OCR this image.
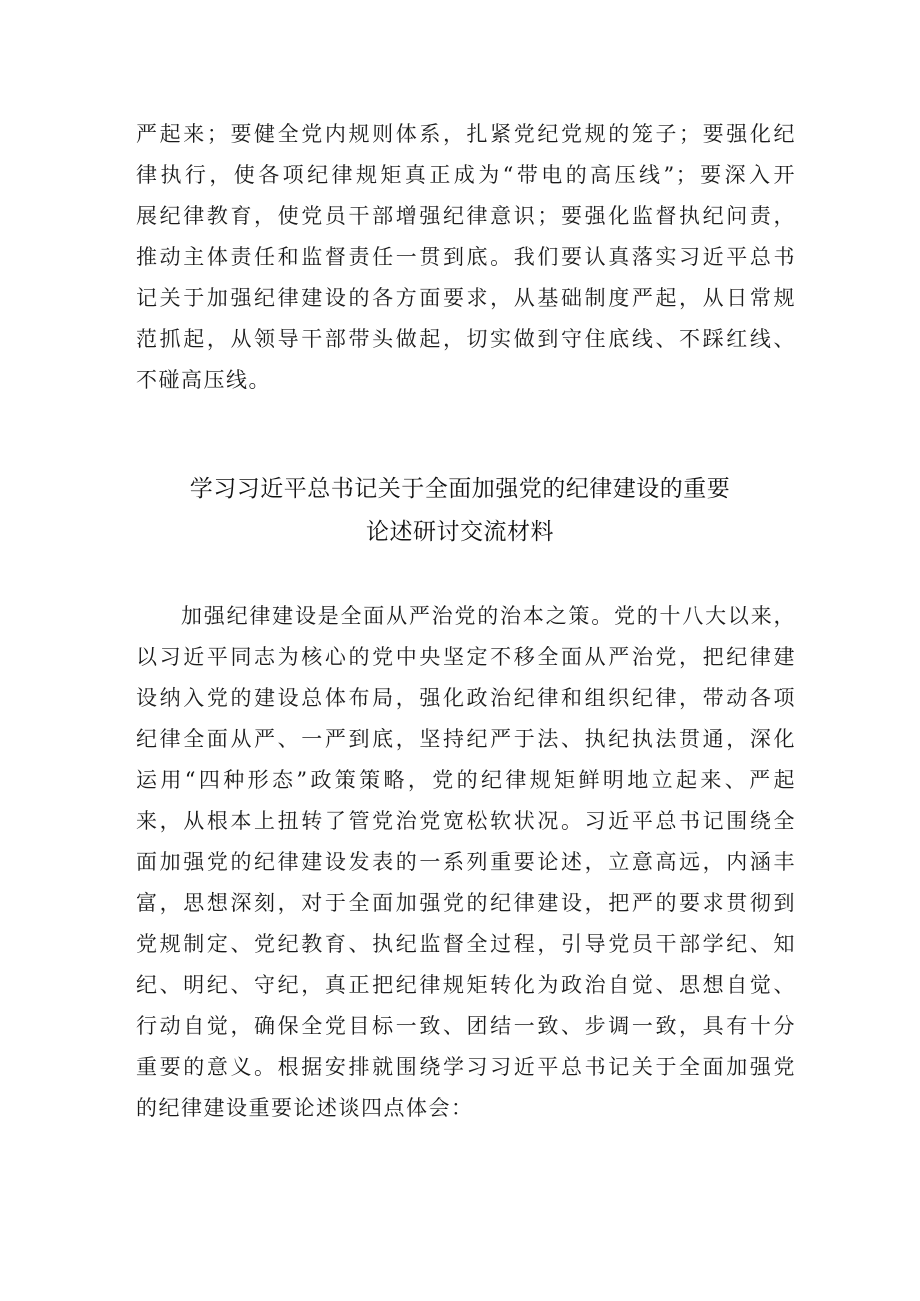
严起来；要健全党内规则体系，扎紧党纪党规的笼子；要强化纪
律执行，使各项纪律规矩真正成为“带电的高压线”；要深入开
展纪律教育，使党员干部增强纪律意识；要强化监督执纪问责，
推动主体责任和监督责任一贯到底。我们要认真落实习近平总书
记关于加强纪律建设的各方面要求，从基础制度严起，从日常规
范抓起，从领导干部带头做起，切实做到守住底线、不踩红线、
不碰高压线。
学习习近平总书记关于全面加强党的纪律建设的重要
论述研讨交流材料
加强纪律建设是全面从严治党的治本之策。党的十八大以来，
以习近平同志为核心的党中央坚定不移全面从严治党，把纪律建
设纳入党的建设总体布局，强化政治纪律和组织纪律，带动各项
纪律全面从严、一严到底，坚持纪严于法、执纪执法贯通，深化
运用“四种形态”政策策略，党的纪律规矩鲜明地立起来、严起
来，从根本上扭转了管党治党宽松软状况。习近平总书记围绕全
面加强党的纪律建设发表的一系列重要论述，立意高远，内涵丰
富，思想深刻，对于全面加强党的纪律建设，把严的要求贯彻到
党规制定、党纪教育、执纪监督全过程，引导党员干部学纪、知
纪、明纪、守纪，真正把纪律规矩转化为政治自觉、思想自觉、
行动自觉，确保全党目标一致、团结一致、步调一致，具有十分
重要的意义。根据安排就围绕学习习近平总书记关于全面加强党
的纪律建设重要论述谈四点体会：
